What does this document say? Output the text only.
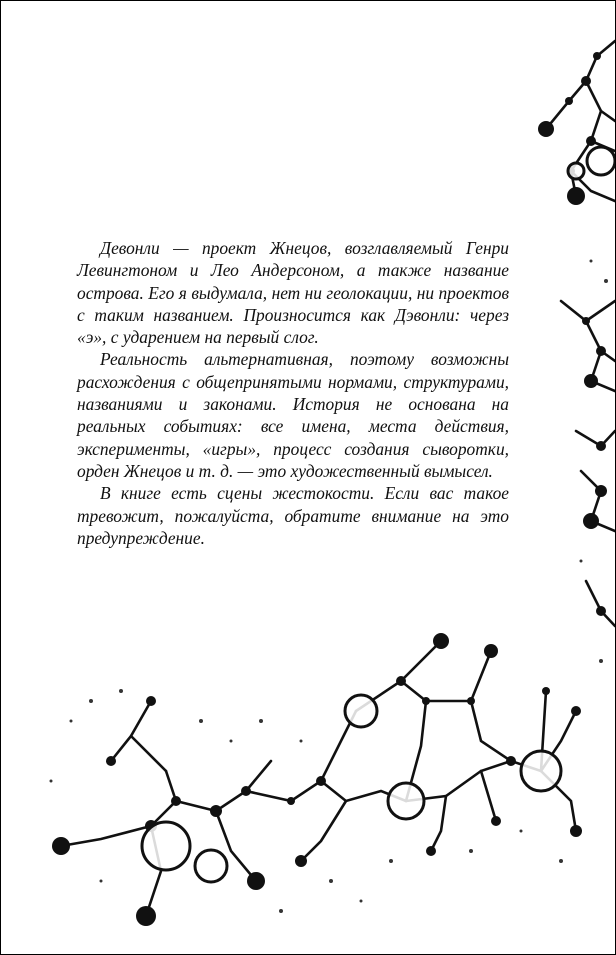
Девонли — проект Жнецов, возглавляемый Генри Левингтоном и Лео Андерсоном, а также название острова. Его я выдумала, нет ни геолокации, ни проектов с таким названием. Произносится как Дэвонли: через «э», с ударением на первый слог.

Реальность альтернативная, поэтому возможны расхождения с общепринятыми нормами, структурами, названиями и законами. История не основана на реальных событиях: все имена, места действия, эксперименты, «игры», процесс создания сыворотки, орден Жнецов и т. д. — это художественный вымысел.

В книге есть сцены жестокости. Если вас такое тревожит, пожалуйста, обратите внимание на это предупреждение.
